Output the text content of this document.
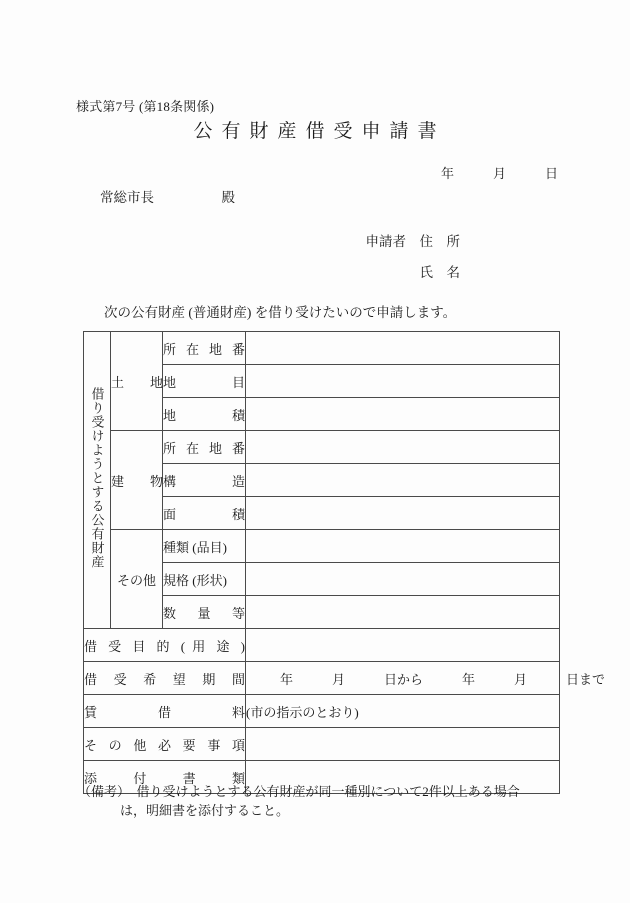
様式第7号 (第18条関係)
公有財産借受申請書
年　　　月　　　日
常総市長　　　　　殿
申請者　住　所
氏　名
次の公有財産 (普通財産) を借り受けたいので申請します。
借り受けようとする公有財産	土　　地	所 在 地 番	
		地　　　目	
		地　　　積	
	建　　物	所 在 地 番	
		構　　　造	
		面　　　積	
	その他	種類 (品目)	
		規格 (形状)	
		数　量　等	
借 受 目 的 ( 用 途 )			
借 受 希 望 期 間			年　　　月　　　日から　　　年　　　月　　　日まで
賃　　　借　　　料			(市の指示のとおり)
そ の 他 必 要 事 項			
添　　付　　書　　類			
（備考）　借り受けようとする公有財産が同一種別について2件以上ある場合
は，明細書を添付すること。
